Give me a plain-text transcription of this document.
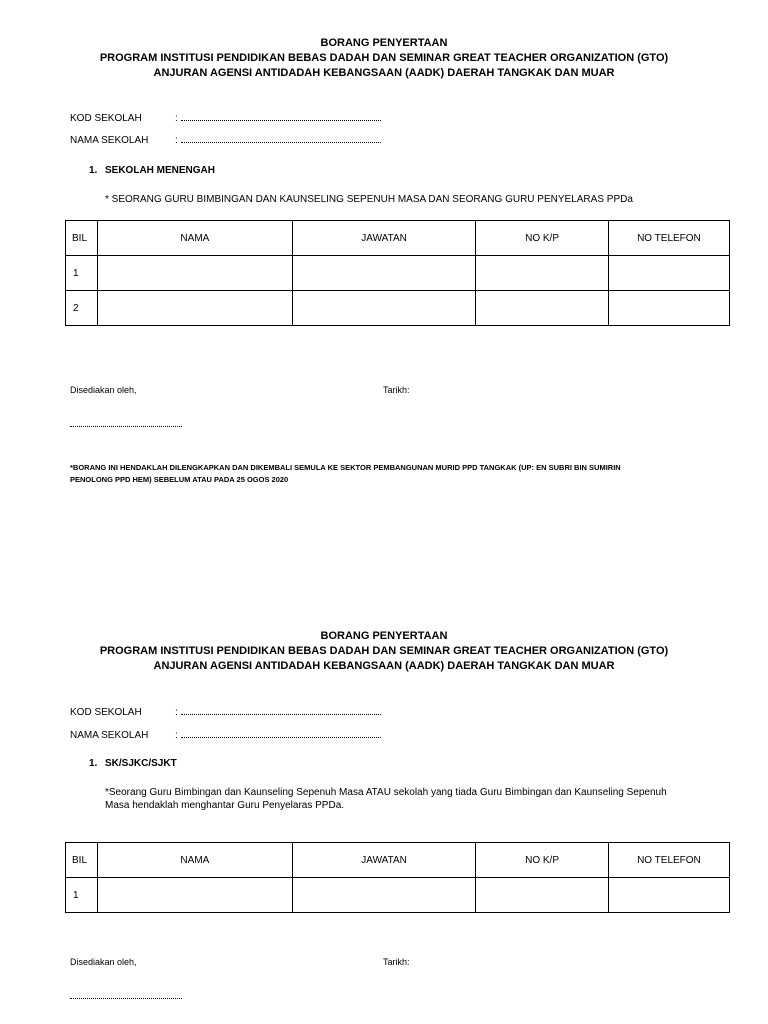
BORANG PENYERTAAN

PROGRAM INSTITUSI PENDIDIKAN BEBAS DADAH DAN SEMINAR GREAT TEACHER ORGANIZATION (GTO)

ANJURAN AGENSI ANTIDADAH KEBANGSAAN (AADK) DAERAH TANGKAK DAN MUAR

KOD SEKOLAH	:
NAMA SEKOLAH	:
1. SEKOLAH MENENGAH
* SEORANG GURU BIMBINGAN DAN KAUNSELING SEPENUH MASA DAN SEORANG GURU PENYELARAS PPDa
BIL	NAMA	JAWATAN	NO K/P	NO TELEFON
1				
2				
Disediakan oleh,	Tarikh:
*BORANG INI HENDAKLAH DILENGKAPKAN DAN DIKEMBALI SEMULA KE SEKTOR PEMBANGUNAN MURID PPD TANGKAK (UP: EN SUBRI BIN SUMIRIN
PENOLONG PPD HEM) SEBELUM ATAU PADA 25 OGOS 2020

BORANG PENYERTAAN

PROGRAM INSTITUSI PENDIDIKAN BEBAS DADAH DAN SEMINAR GREAT TEACHER ORGANIZATION (GTO)

ANJURAN AGENSI ANTIDADAH KEBANGSAAN (AADK) DAERAH TANGKAK DAN MUAR

KOD SEKOLAH	:
NAMA SEKOLAH	:
1. SK/SJKC/SJKT
*Seorang Guru Bimbingan dan Kaunseling Sepenuh Masa ATAU sekolah yang tiada Guru Bimbingan dan Kaunseling Sepenuh
Masa hendaklah menghantar Guru Penyelaras PPDa.
BIL	NAMA	JAWATAN	NO K/P	NO TELEFON
1				
Disediakan oleh,	Tarikh:
